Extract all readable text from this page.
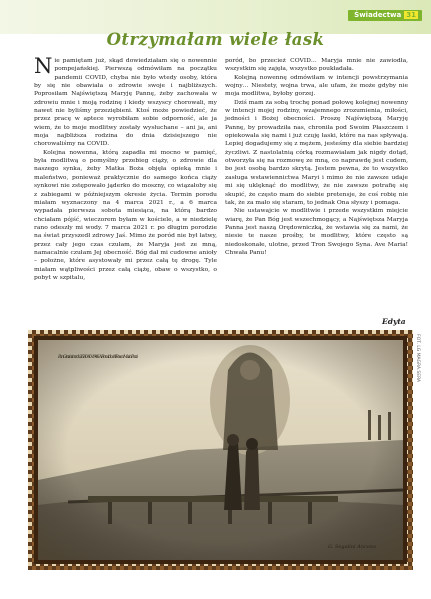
Świadectwa 31
Otrzymałam wiele łask

Nie pamiętam już, skąd dowiedziałam się o nowennie pompejańskiej. Pierwszą odmówiłam na początku pandemii COVID, chyba nie było wtedy osoby, która by się nie obawiała o zdrowie swoje i najbliższych. Poprosiłam Najświętszą Maryję Pannę, żeby zachowała w zdrowiu mnie i moją rodzinę i kiedy wszyscy chorowali, my nawet nie byliśmy przeziębieni. Ktoś może powiedzieć, że przez pracę w aptece wyrobiłam sobie odporność, ale ja wiem, że to moje modlitwy zostały wysłuchane – ani ja, ani moja najbliższa rodzina do dnia dzisiejszego nie chorowaliśmy na COVID.

Kolejna nowenna, którą zapadła mi mocno w pamięć, była modlitwą o pomyślny przebieg ciąży, o zdrowie dla naszego synka, żeby Matka Boża objęła opieką mnie i maleństwo, ponieważ praktycznie do samego końca ciąży synkowi nie zstępowało jąderko do moszny, co wiązałoby się z zabiegami w późniejszym okresie życia. Termin porodu miałam wyznaczony na 4 marca 2021 r., a 6 marca wypadała pierwsza sobota miesiąca, na którą bardzo chciałam pójść, wieczorem byłam w kościele, a w niedzielę rano odeszły mi wody. 7 marca 2021 r. po długim porodzie na świat przyszedł zdrowy Jaś. Mimo że poród nie był łatwy, przez cały jego czas czułam, że Maryja jest ze mną, namacalnie czułam Jej obecność. Bóg dał mi cudowne anioły – położne, które asystowały mi przez całą tę drogę. Tyle miałam wątpliwości przez całą ciążę, obaw o wszystko, o pobyt w szpitalu,

poród, bo przecież COVID… Maryja mnie nie zawiodła, wszystkim się zajęła, wszystko poukładała.

Kolejną nowennę odmówiłam w intencji powstrzymania wojny… Niestety, wojna trwa, ale ufam, że może gdyby nie moja modlitwa, byłoby gorzej.

Dziś mam za sobą trochę ponad połowę kolejnej nowenny w intencji mojej rodziny, wzajemnego zrozumienia, miłości, jedności i Bożej obecności. Proszę Najświętszą Maryję Pannę, by prowadziła nas, chroniła pod Swoim Płaszczem i opiekowała się nami i już czuję łaski, które na nas spływają. Lepiej dogadujemy się z mężem, jesteśmy dla siebie bardziej życzliwi. Z nastolatnią córką rozmawiałam jak nigdy dotąd, otworzyła się na rozmowę ze mną, co naprawdę jest cudem, bo jest osobą bardzo skrytą. Jestem pewna, że to wszystko zasługa wstawiennictwa Maryi i mimo że nie zawsze udaje mi się uklęknąć do modlitwy, że nie zawsze potrafię się skupić, że często mam do siebie pretensje, że coś robię nie tak, że za mało się staram, to jednak Ona słyszy i pomaga.

Nie ustawajcie w modlitwie i przede wszystkim miejcie wiarę, że Pan Bóg jest wszechmogący, a Najświętsza Maryja Panna jest naszą Orędowniczką, że wstawia się za nami, że niesie te nasze prośby, te modlitwy, które często są niedoskonałe, ulotne, przed Tron Swojego Syna. Ave Maria! Chwała Panu!

Edyta
FOT. LG MAGRA.SERA
Pan Grazio ricordo 26. 80 - 80 - 1946. A Ronaldo del Bosco Mario Pozzi
G. Segalini Ancona
